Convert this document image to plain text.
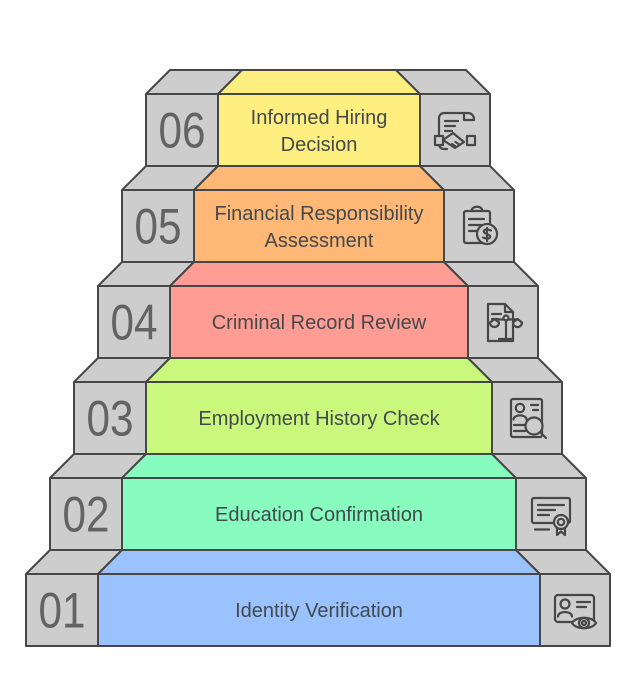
06 Informed Hiring
Decision
05 Financial Responsibility
Assessment
04	Criminal Record Review
03	Employment History Check
02	Education Confirmation
01	Identity Verification
